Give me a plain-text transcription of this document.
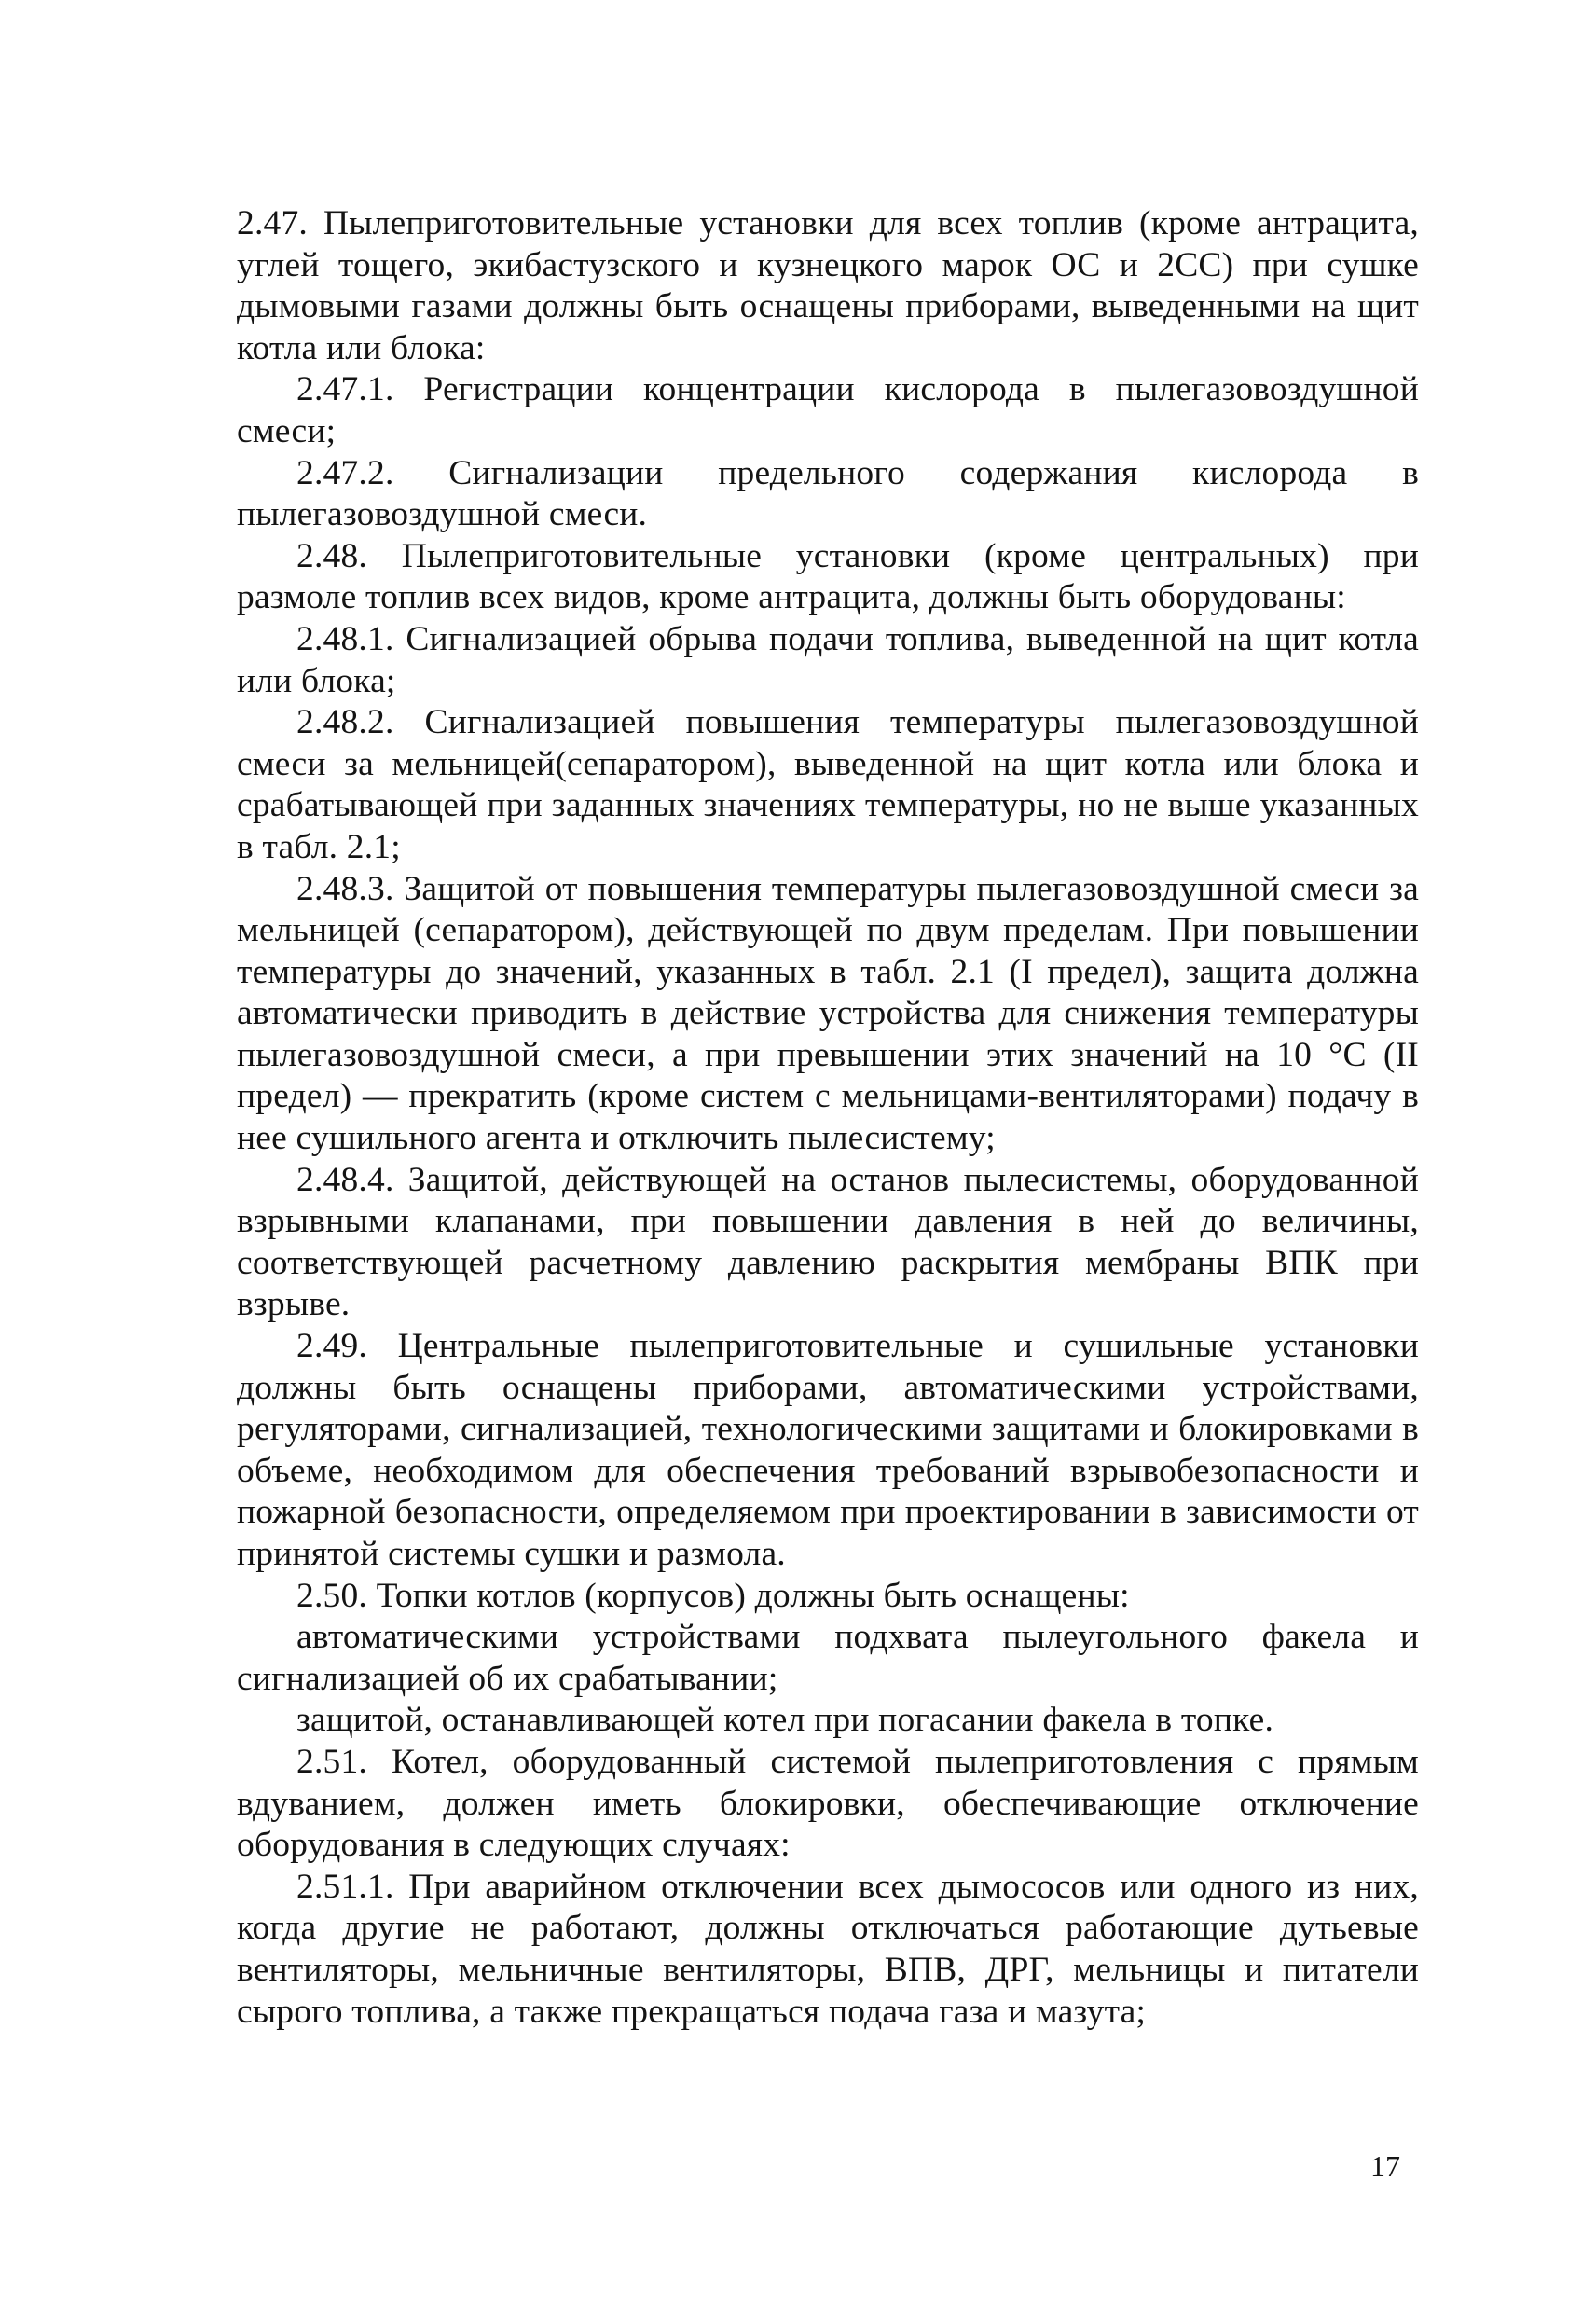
2.47. Пылеприготовительные установки для всех топлив (кроме антрацита, углей тощего, экибастузского и кузнецкого марок ОС и 2СС) при сушке дымовыми газами должны быть оснащены приборами, выведенными на щит котла или блока:

2.47.1. Регистрации концентрации кислорода в пылегазовоздушной смеси;

2.47.2. Сигнализации предельного содержания кислорода в пылегазовоздушной смеси.

2.48. Пылеприготовительные установки (кроме центральных) при размоле топлив всех видов, кроме антрацита, должны быть оборудованы:

2.48.1. Сигнализацией обрыва подачи топлива, выведенной на щит котла или блока;

2.48.2. Сигнализацией повышения температуры пылегазовоздушной смеси за мельницей(сепаратором), выведенной на щит котла или блока и срабатывающей при заданных значениях температуры, но не выше указанных в табл. 2.1;

2.48.3. Защитой от повышения температуры пылегазовоздушной смеси за мельницей (сепаратором), действующей по двум пределам. При повышении температуры до значений, указанных в табл. 2.1 (I предел), защита должна автоматически приводить в действие устройства для снижения температуры пылегазовоздушной смеси, а при превышении этих значений на 10 °С (II предел) — прекратить (кроме систем с мельницами-вентиляторами) подачу в нее сушильного агента и отключить пылесистему;

2.48.4. Защитой, действующей на останов пылесистемы, оборудованной взрывными клапанами, при повышении давления в ней до величины, соответствующей расчетному давлению раскрытия мембраны ВПК при взрыве.

2.49. Центральные пылеприготовительные и сушильные установки должны быть оснащены приборами, автоматическими устройствами, регуляторами, сигнализацией, технологическими защитами и блокировками в объеме, необходимом для обеспечения требований взрывобезопасности и пожарной безопасности, определяемом при проектировании в зависимости от принятой системы сушки и размола.

2.50. Топки котлов (корпусов) должны быть оснащены:

автоматическими устройствами подхвата пылеугольного факела и сигнализацией об их срабатывании;

защитой, останавливающей котел при погасании факела в топке.

2.51. Котел, оборудованный системой пылеприготовления с прямым вдуванием, должен иметь блокировки, обеспечивающие отключение оборудования в следующих случаях:

2.51.1. При аварийном отключении всех дымососов или одного из них, когда другие не работают, должны отключаться работающие дутьевые вентиляторы, мельничные вентиляторы, ВПВ, ДРГ, мельницы и питатели сырого топлива, а также прекращаться подача газа и мазута;

17
